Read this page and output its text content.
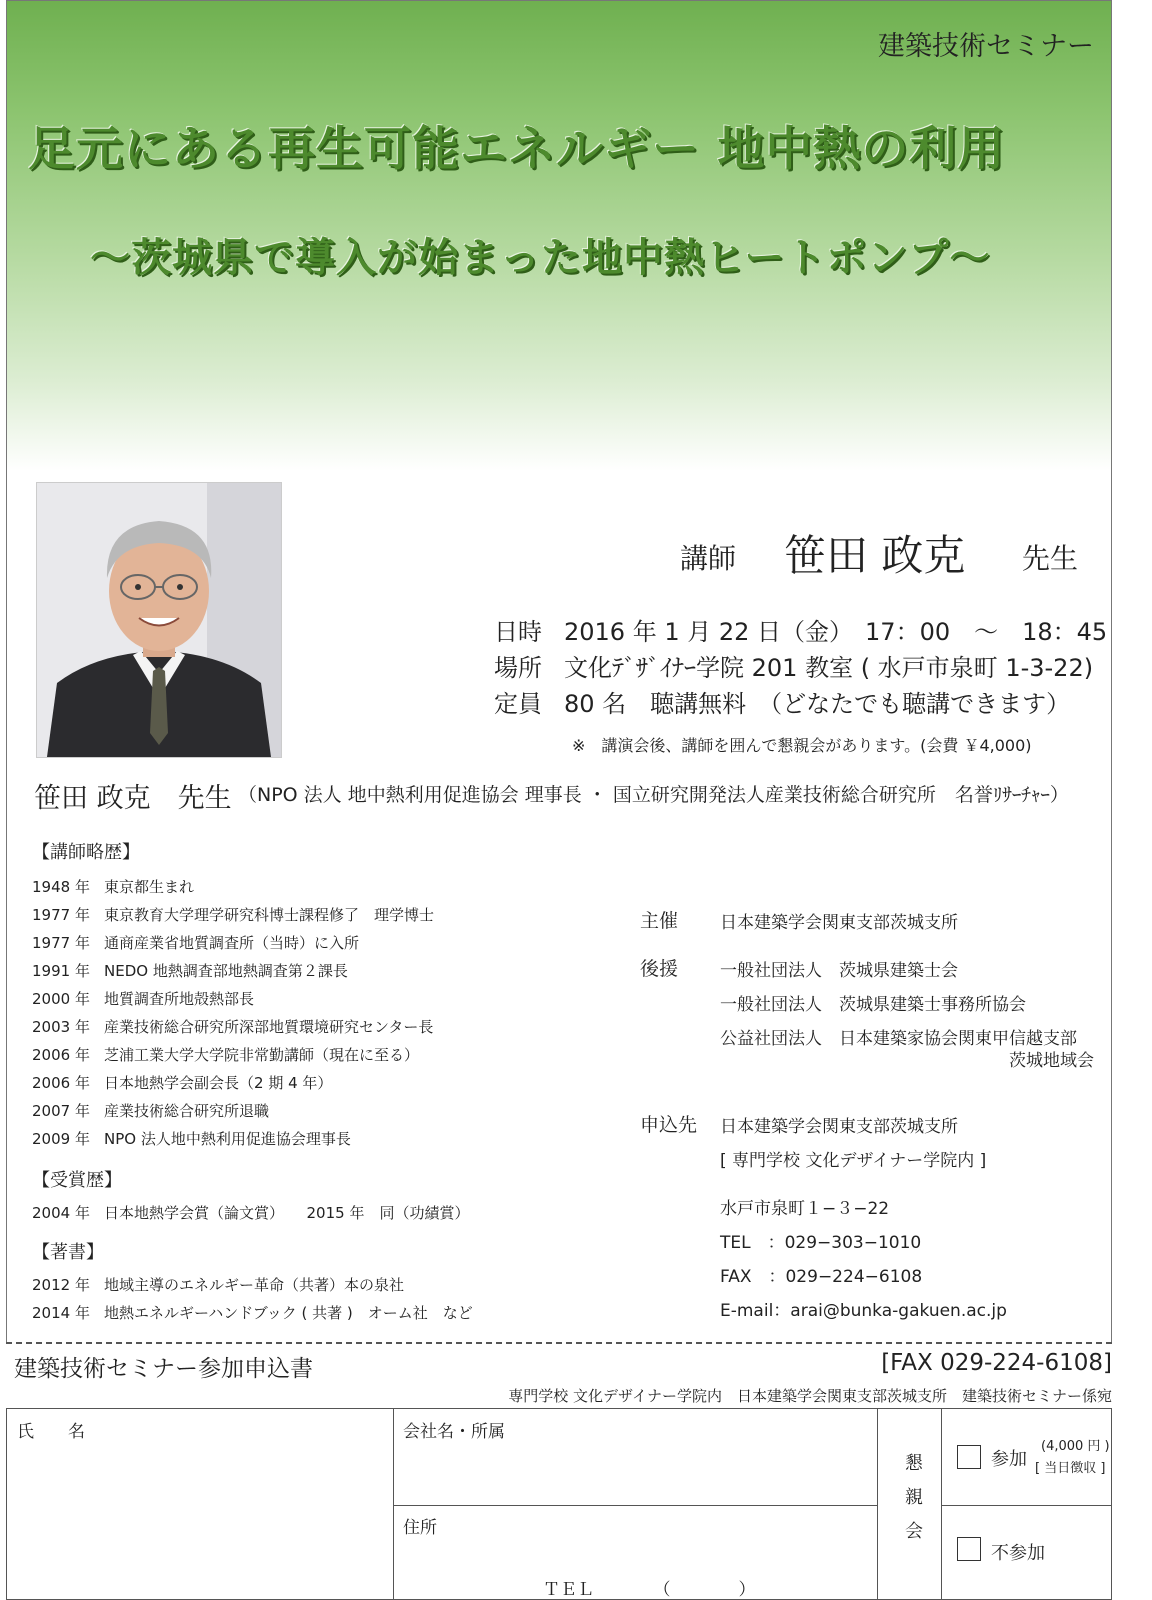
建築技術セミナー
足元にある再生可能エネルギー 地中熱の利用
～茨城県で導入が始まった地中熱ヒートポンプ～
講師 笹田 政克 先生
日時 2016 年 1 月 22 日（金）　17：00　～　18：45
場所 文化ﾃﾞｻﾞｲﾅｰ学院 201 教室 ( 水戸市泉町 1-3-22)
定員 80 名　聴講無料　（どなたでも聴講できます）
※　講演会後、講師を囲んで懇親会があります。(会費 ￥4,000)
笹田 政克　先生 （NPO 法人 地中熱利用促進協会 理事長 ・ 国立研究開発法人産業技術総合研究所　名誉ﾘｻｰﾁｬｰ）
【講師略歴】
1948 年 東京都生まれ
1977 年 東京教育大学理学研究科博士課程修了　理学博士
1977 年 通商産業省地質調査所（当時）に入所
1991 年 NEDO 地熱調査部地熱調査第２課長
2000 年 地質調査所地殻熱部長
2003 年 産業技術総合研究所深部地質環境研究センター長
2006 年 芝浦工業大学大学院非常勤講師（現在に至る）
2006 年 日本地熱学会副会長（2 期 4 年）
2007 年 産業技術総合研究所退職
2009 年 NPO 法人地中熱利用促進協会理事長
【受賞歴】
2004 年 日本地熱学会賞（論文賞）　　2015 年　同（功績賞）
【著書】
2012 年 地域主導のエネルギー革命（共著）本の泉社
2014 年 地熱エネルギーハンドブック ( 共著 )　オーム社　など
主催 日本建築学会関東支部茨城支所
後援 一般社団法人　茨城県建築士会
一般社団法人　茨城県建築士事務所協会
公益社団法人　日本建築家協会関東甲信越支部
茨城地域会
申込先 日本建築学会関東支部茨城支所
[ 専門学校 文化デザイナー学院内 ]
水戸市泉町１−３−22
TEL　：029−303−1010
FAX　：029−224−6108
E-mail：arai@bunka-gakuen.ac.jp
建築技術セミナー参加申込書	[FAX 029-224-6108]
専門学校 文化デザイナー学院内　日本建築学会関東支部茨城支所　建築技術セミナー係宛
氏　　名	会社名・所属
住所
ＴＥＬ　　　　（　　　　）
懇親会
参加
(4,000 円 )
[ 当日徴収 ]
不参加
